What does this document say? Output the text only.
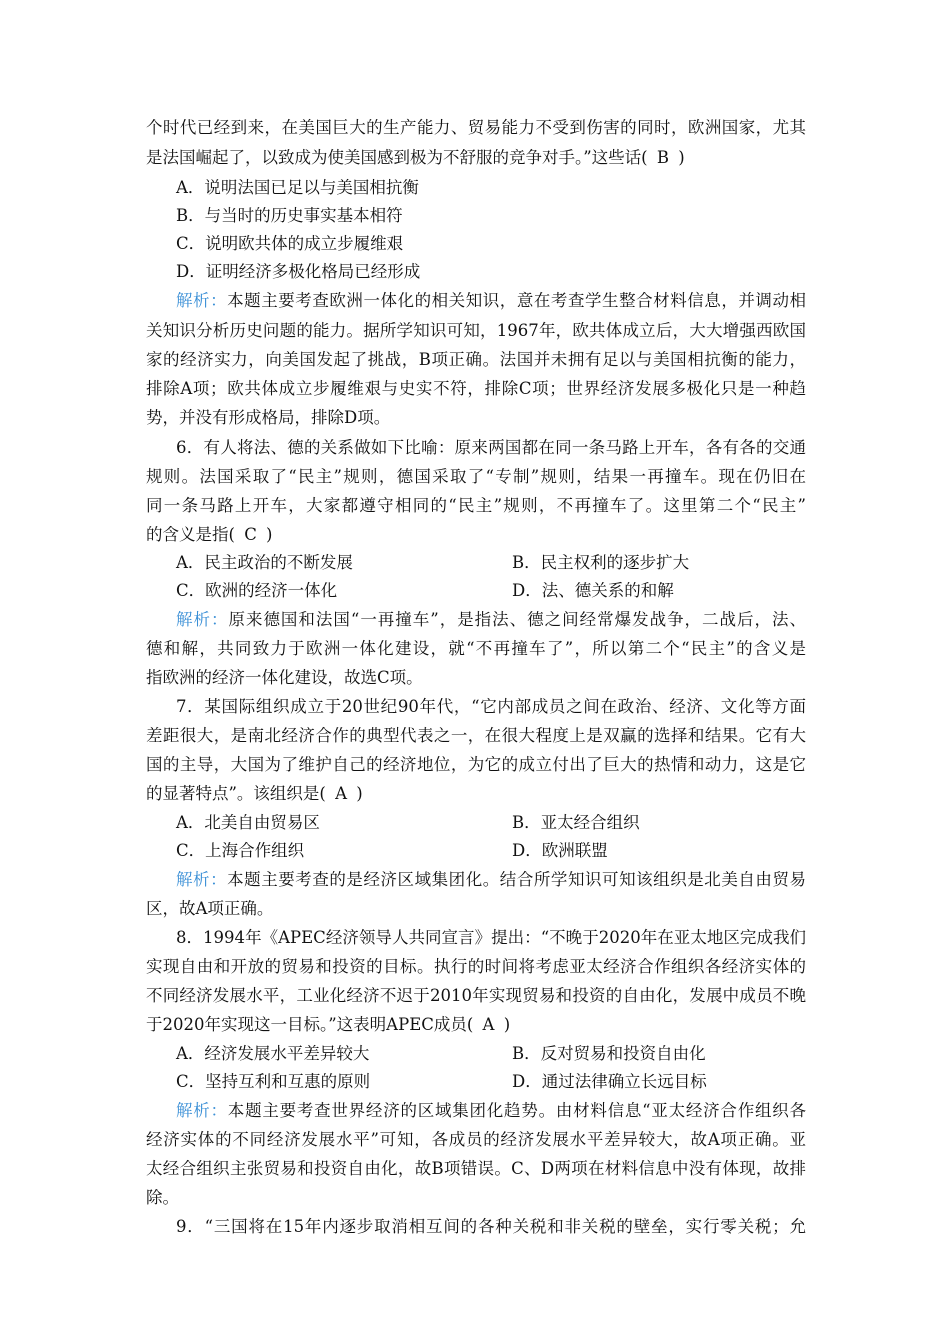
个时代已经到来，在美国巨大的生产能力、贸易能力不受到伤害的同时，欧洲国家，尤其
是法国崛起了，以致成为使美国感到极为不舒服的竞争对手。”这些话( B )
A．说明法国已足以与美国相抗衡
B．与当时的历史事实基本相符
C．说明欧共体的成立步履维艰
D．证明经济多极化格局已经形成
解析：本题主要考查欧洲一体化的相关知识，意在考查学生整合材料信息，并调动相
关知识分析历史问题的能力。据所学知识可知，1967年，欧共体成立后，大大增强西欧国
家的经济实力，向美国发起了挑战，B项正确。法国并未拥有足以与美国相抗衡的能力，
排除A项；欧共体成立步履维艰与史实不符，排除C项；世界经济发展多极化只是一种趋
势，并没有形成格局，排除D项。
6．有人将法、德的关系做如下比喻：原来两国都在同一条马路上开车，各有各的交通
规则。法国采取了“民主”规则，德国采取了“专制”规则，结果一再撞车。现在仍旧在
同一条马路上开车，大家都遵守相同的“民主”规则，不再撞车了。这里第二个“民主”
的含义是指( C )
A．民主政治的不断发展	B．民主权利的逐步扩大
C．欧洲的经济一体化	D．法、德关系的和解
解析：原来德国和法国“一再撞车”，是指法、德之间经常爆发战争，二战后，法、
德和解，共同致力于欧洲一体化建设，就“不再撞车了”，所以第二个“民主”的含义是
指欧洲的经济一体化建设，故选C项。
7．某国际组织成立于20世纪90年代，“它内部成员之间在政治、经济、文化等方面
差距很大，是南北经济合作的典型代表之一，在很大程度上是双赢的选择和结果。它有大
国的主导，大国为了维护自己的经济地位，为它的成立付出了巨大的热情和动力，这是它
的显著特点”。该组织是( A )
A．北美自由贸易区	B．亚太经合组织
C．上海合作组织	D．欧洲联盟
解析：本题主要考查的是经济区域集团化。结合所学知识可知该组织是北美自由贸易
区，故A项正确。
8．1994年《APEC经济领导人共同宣言》提出：“不晚于2020年在亚太地区完成我们
实现自由和开放的贸易和投资的目标。执行的时间将考虑亚太经济合作组织各经济实体的
不同经济发展水平，工业化经济不迟于2010年实现贸易和投资的自由化，发展中成员不晚
于2020年实现这一目标。”这表明APEC成员( A )
A．经济发展水平差异较大	B．反对贸易和投资自由化
C．坚持互利和互惠的原则	D．通过法律确立长远目标
解析：本题主要考查世界经济的区域集团化趋势。由材料信息“亚太经济合作组织各
经济实体的不同经济发展水平”可知，各成员的经济发展水平差异较大，故A项正确。亚
太经合组织主张贸易和投资自由化，故B项错误。C、D两项在材料信息中没有体现，故排
除。
9．“三国将在15年内逐步取消相互间的各种关税和非关税的壁垒，实行零关税；允
